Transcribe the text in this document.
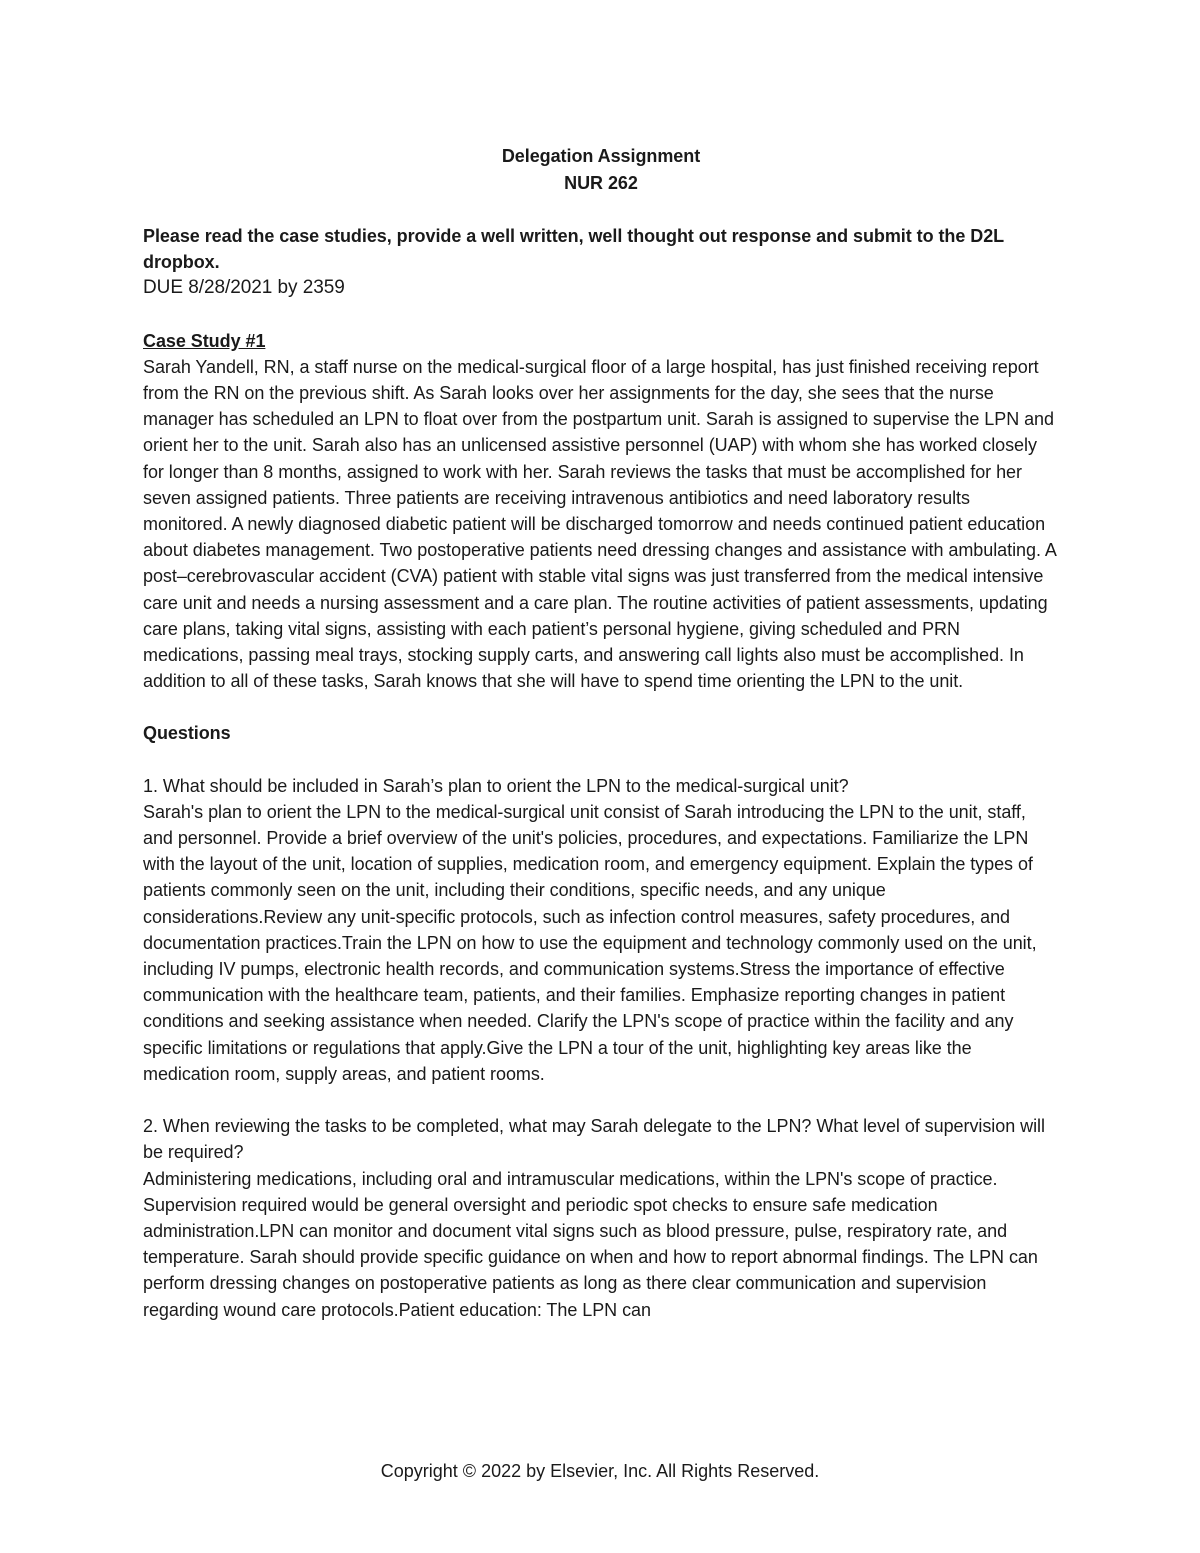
Delegation Assignment
NUR 262

Please read the case studies, provide a well written, well thought out response and submit to the D2L dropbox.

DUE 8/28/2021 by 2359

Case Study #1

Sarah Yandell, RN, a staff nurse on the medical-surgical floor of a large hospital, has just finished receiving report from the RN on the previous shift. As Sarah looks over her assignments for the day, she sees that the nurse manager has scheduled an LPN to float over from the postpartum unit. Sarah is assigned to supervise the LPN and orient her to the unit. Sarah also has an unlicensed assistive personnel (UAP) with whom she has worked closely for longer than 8 months, assigned to work with her. Sarah reviews the tasks that must be accomplished for her seven assigned patients. Three patients are receiving intravenous antibiotics and need laboratory results monitored. A newly diagnosed diabetic patient will be discharged tomorrow and needs continued patient education about diabetes management. Two postoperative patients need dressing changes and assistance with ambulating. A post–cerebrovascular accident (CVA) patient with stable vital signs was just transferred from the medical intensive care unit and needs a nursing assessment and a care plan. The routine activities of patient assessments, updating care plans, taking vital signs, assisting with each patient’s personal hygiene, giving scheduled and PRN medications, passing meal trays, stocking supply carts, and answering call lights also must be accomplished. In addition to all of these tasks, Sarah knows that she will have to spend time orienting the LPN to the unit.

Questions

1. What should be included in Sarah’s plan to orient the LPN to the medical-surgical unit?

Sarah's plan to orient the LPN to the medical-surgical unit consist of Sarah introducing the LPN to the unit, staff, and personnel. Provide a brief overview of the unit's policies, procedures, and expectations. Familiarize the LPN with the layout of the unit, location of supplies, medication room, and emergency equipment. Explain the types of patients commonly seen on the unit, including their conditions, specific needs, and any unique considerations.Review any unit-specific protocols, such as infection control measures, safety procedures, and documentation practices.Train the LPN on how to use the equipment and technology commonly used on the unit, including IV pumps, electronic health records, and communication systems.Stress the importance of effective communication with the healthcare team, patients, and their families. Emphasize reporting changes in patient conditions and seeking assistance when needed. Clarify the LPN's scope of practice within the facility and any specific limitations or regulations that apply.Give the LPN a tour of the unit, highlighting key areas like the medication room, supply areas, and patient rooms.

2. When reviewing the tasks to be completed, what may Sarah delegate to the LPN? What level of supervision will be required?

Administering medications, including oral and intramuscular medications, within the LPN's scope of practice. Supervision required would be general oversight and periodic spot checks to ensure safe medication administration.LPN can monitor and document vital signs such as blood pressure, pulse, respiratory rate, and temperature. Sarah should provide specific guidance on when and how to report abnormal findings. The LPN can perform dressing changes on postoperative patients as long as there clear communication and supervision regarding wound care protocols.Patient education: The LPN can

Copyright © 2022 by Elsevier, Inc. All Rights Reserved.
